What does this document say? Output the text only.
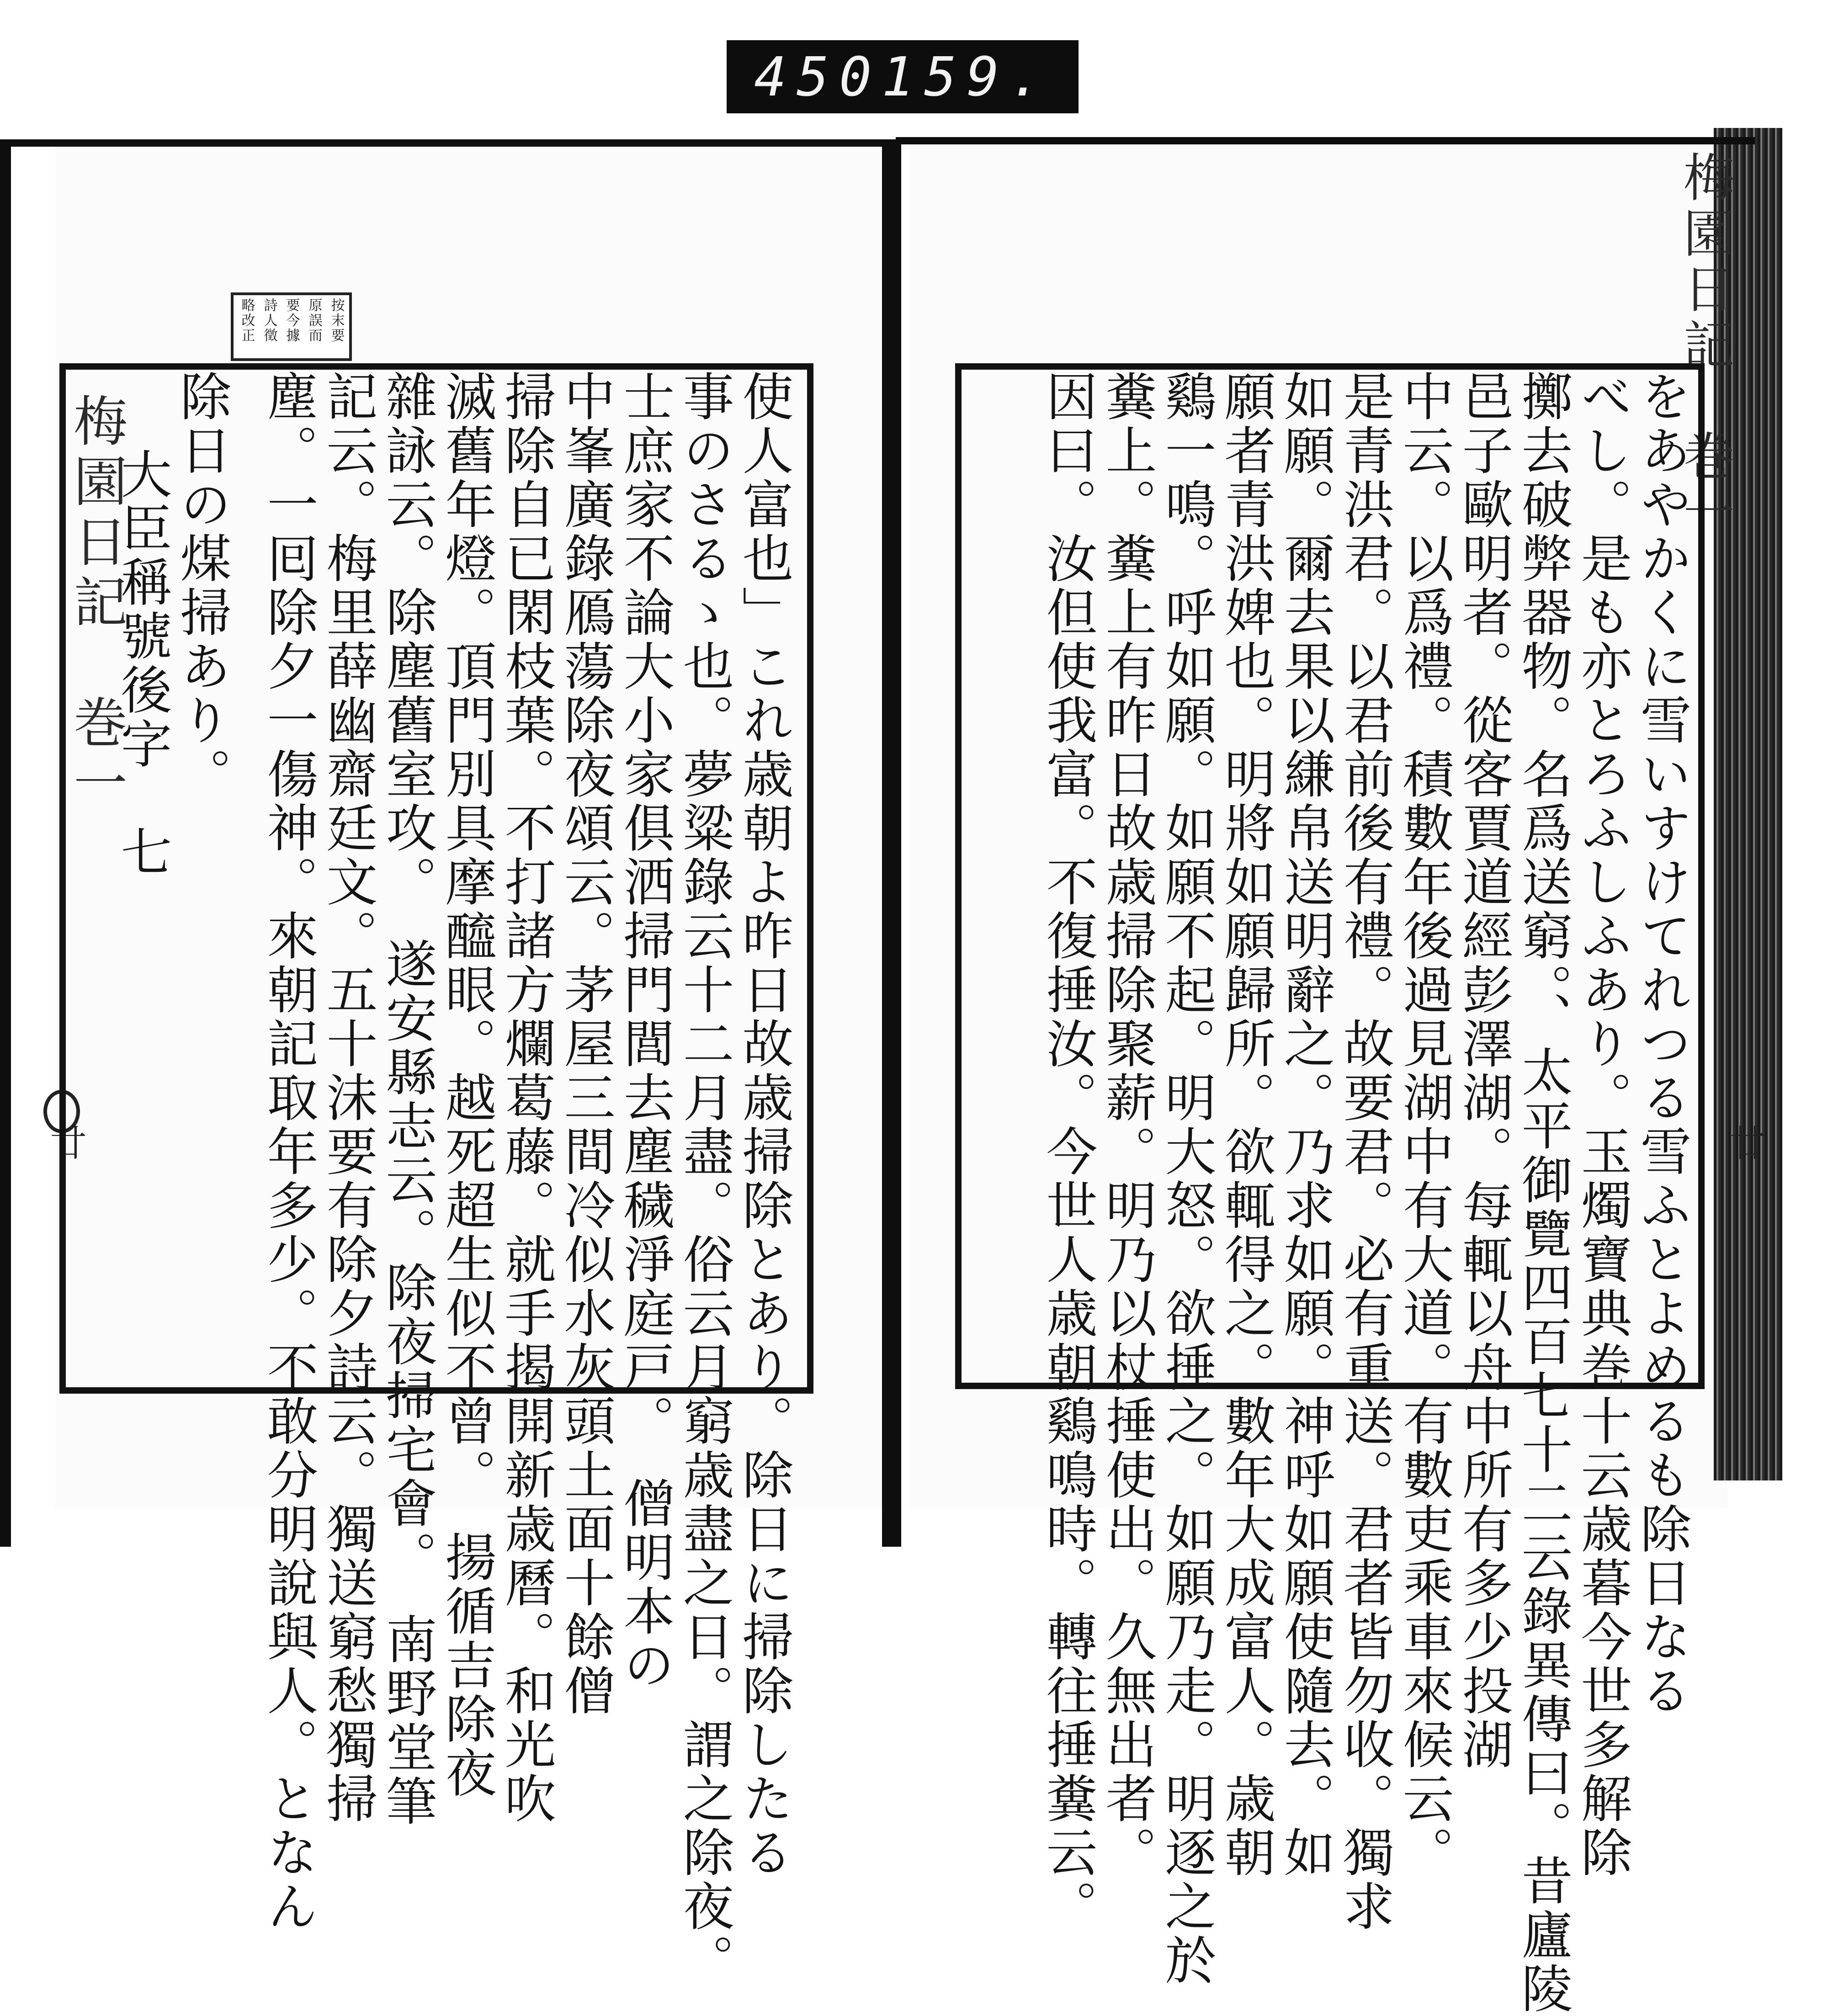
450 159.
梅園日記　巻一
廿
按末要
原誤而
要今據
詩人徵
略改正
使人富也」これ歳朝よ昨日故歳掃除とあり。除日に掃除したる
事のさるゝ也。夢粱錄云十二月盡。俗云月窮歳盡之日。謂之除夜。
士庶家不論大小家俱洒掃門閭去塵穢淨庭戸。　僧明本の
中峯廣錄鴈蕩除夜頌云。茅屋三間冷似水灰頭土面十餘僧
掃除自已閑枝葉。不打諸方爛葛藤。就手揭開新歳曆。和光吹
滅舊年燈。頂門別具摩醯眼。越死超生似不曾。　揚循吉除夜
雜詠云。除塵舊室攻。　遂安縣志云。除夜掃宅會。　南野堂筆
記云。梅里薛幽齋廷文。五十沬要有除夕詩云。獨送窮愁獨掃
塵。一囘除夕一傷神。來朝記取年多少。不敢分明說與人。となん
除日の煤掃あり。
大臣稱號後字　七
梅園日記　巻一
廿
をあやかくに雪いすけてれつる雪ふとよめるも除日なる
べし。是も亦とろふしふあり。玉燭寶典巻十云歳暮今世多解除
擲去破弊器物。名爲送窮。、太平御覽四百七十二云錄異傳曰。昔廬陵
邑子歐明者。從客賈道經彭澤湖。每輒以舟中所有多少投湖
中云。以爲禮。積數年後過見湖中有大道。有數吏乘車來候云。
是青洪君。以君前後有禮。故要君。必有重送。君者皆勿收。獨求
如願。爾去果以縑帛送明辭之。乃求如願。神呼如願使隨去。如
願者青洪婢也。明將如願歸所。欲輒得之。數年大成富人。歳朝
鷄一鳴。呼如願。如願不起。明大怒。欲捶之。如願乃走。明逐之於
糞上。糞上有昨日故歳掃除聚薪。明乃以杖捶使出。久無出者。
因曰。汝但使我富。不復捶汝。今世人歳朝鷄鳴時。轉往捶糞云。
